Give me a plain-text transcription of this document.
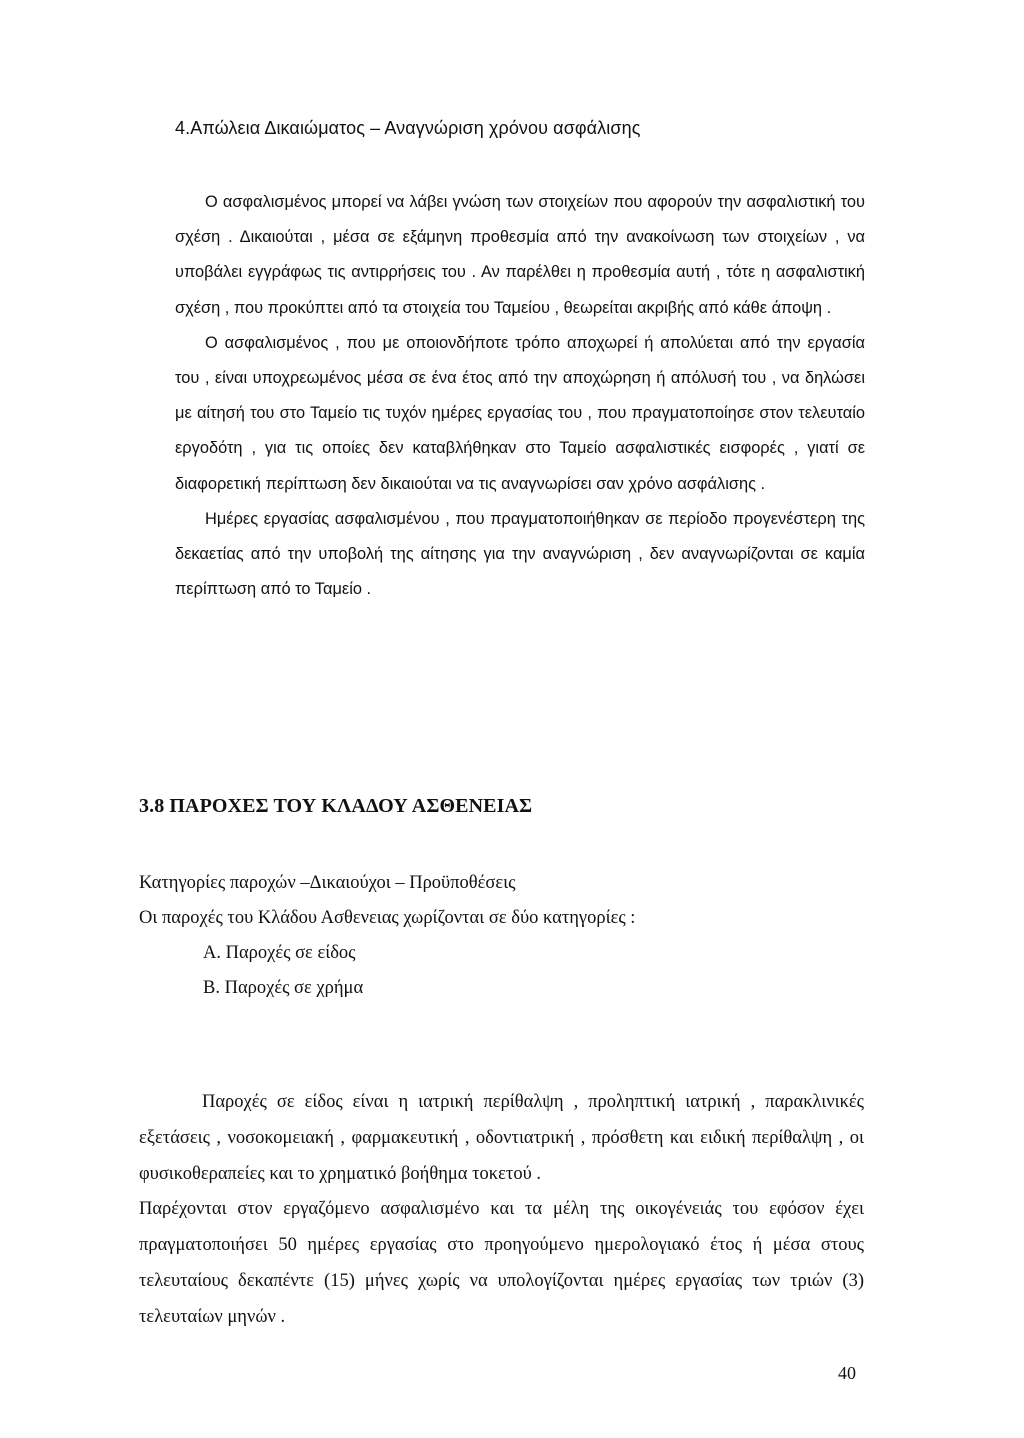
4.Απώλεια Δικαιώματος – Αναγνώριση χρόνου ασφάλισης

Ο ασφαλισμένος μπορεί να λάβει γνώση των στοιχείων που αφορούν την ασφαλιστική του σχέση . Δικαιούται , μέσα σε εξάμηνη προθεσμία από την ανακοίνωση των στοιχείων , να υποβάλει εγγράφως τις αντιρρήσεις του . Αν παρέλθει η προθεσμία αυτή , τότε η ασφαλιστική σχέση , που προκύπτει από τα στοιχεία του Ταμείου , θεωρείται ακριβής από κάθε άποψη .

Ο ασφαλισμένος , που με οποιονδήποτε τρόπο αποχωρεί ή απολύεται από την εργασία του , είναι υποχρεωμένος μέσα σε ένα έτος από την αποχώρηση ή απόλυσή του , να δηλώσει με αίτησή του στο Ταμείο τις τυχόν ημέρες εργασίας του , που πραγματοποίησε στον τελευταίο εργοδότη , για τις οποίες δεν καταβλήθηκαν στο Ταμείο ασφαλιστικές εισφορές , γιατί σε διαφορετική περίπτωση δεν δικαιούται να τις αναγνωρίσει σαν χρόνο ασφάλισης .

Ημέρες εργασίας ασφαλισμένου , που πραγματοποιήθηκαν σε περίοδο προγενέστερη της δεκαετίας από την υποβολή της αίτησης για την αναγνώριση , δεν αναγνωρίζονται σε καμία περίπτωση από το Ταμείο .

3.8 ΠΑΡΟΧΕΣ ΤΟΥ ΚΛΑΔΟΥ ΑΣΘΕΝΕΙΑΣ
Κατηγορίες παροχών –Δικαιούχοι – Προϋποθέσεις
Οι παροχές του Κλάδου Ασθενειας χωρίζονται σε δύο κατηγορίες :
Α. Παροχές σε είδος
Β. Παροχές σε χρήμα

Παροχές σε είδος είναι η ιατρική περίθαλψη , προληπτική ιατρική , παρακλινικές εξετάσεις , νοσοκομειακή , φαρμακευτική , οδοντιατρική , πρόσθετη και ειδική περίθαλψη , οι φυσικοθεραπείες και το χρηματικό βοήθημα τοκετού .

Παρέχονται στον εργαζόμενο ασφαλισμένο και τα μέλη της οικογένειάς του εφόσον έχει πραγματοποιήσει 50 ημέρες εργασίας στο προηγούμενο ημερολογιακό έτος ή μέσα στους τελευταίους δεκαπέντε (15) μήνες χωρίς να υπολογίζονται ημέρες εργασίας των τριών (3) τελευταίων μηνών .

40
